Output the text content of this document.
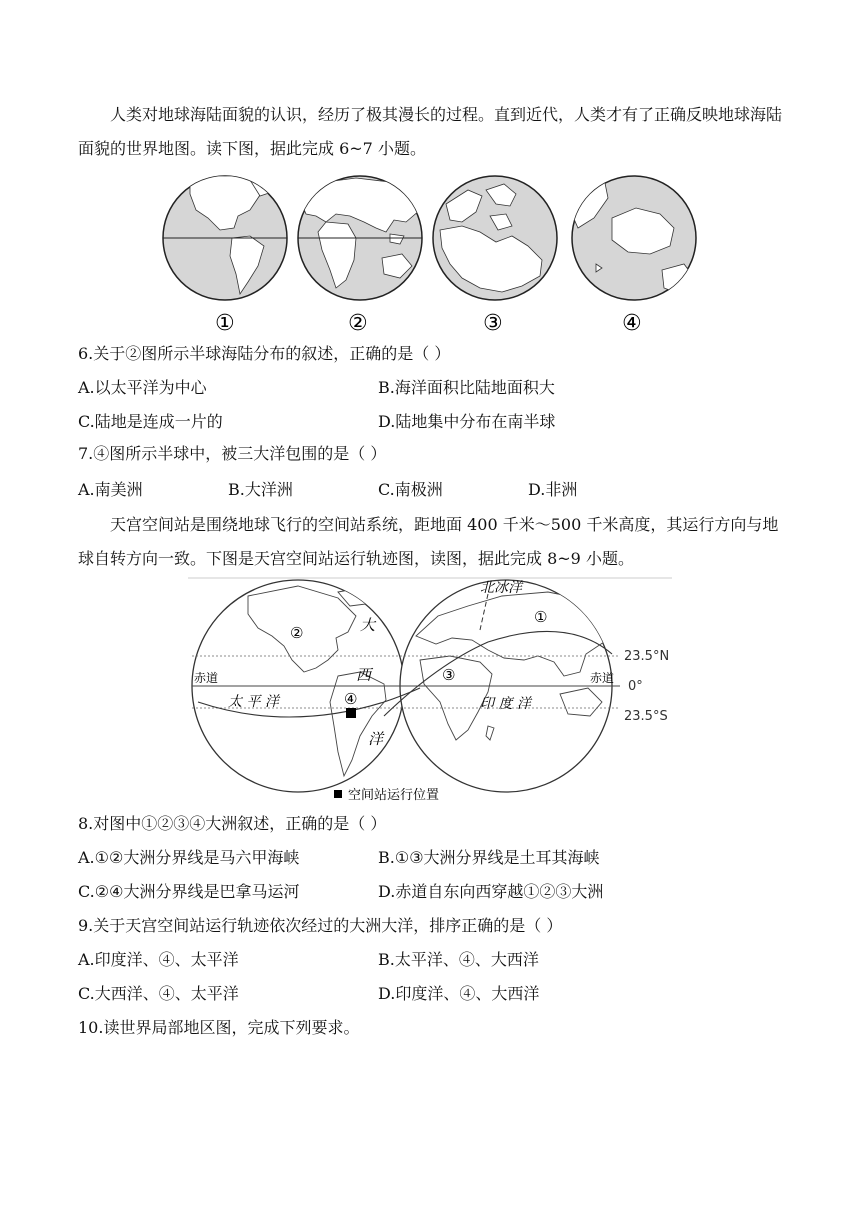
人类对地球海陆面貌的认识，经历了极其漫长的过程。直到近代，人类才有了正确反映地球海陆面貌的世界地图。读下图，据此完成 6~7 小题。

①	②	③	④
6.关于②图所示半球海陆分布的叙述，正确的是（ ）
A.以太平洋为中心	B.海洋面积比陆地面积大
C.陆地是连成一片的	D.陆地集中分布在南半球
7.④图所示半球中，被三大洋包围的是（ ）
A.南美洲	B.大洋洲	C.南极洲	D.非洲

天宫空间站是围绕地球飞行的空间站系统，距地面 400 千米～500 千米高度，其运行方向与地球自转方向一致。下图是天宫空间站运行轨迹图，读图，据此完成 8~9 小题。

北冰洋
大
西
洋
太 平 洋	印 度 洋
赤道	赤道
23.5°N
0°
23.5°S
①
②
③
④
空间站运行位置
8.对图中①②③④大洲叙述，正确的是（ ）
A.①②大洲分界线是马六甲海峡	B.①③大洲分界线是土耳其海峡
C.②④大洲分界线是巴拿马运河	D.赤道自东向西穿越①②③大洲
9.关于天宫空间站运行轨迹依次经过的大洲大洋，排序正确的是（ ）
A.印度洋、④、太平洋	B.太平洋、④、大西洋
C.大西洋、④、太平洋	D.印度洋、④、大西洋
10.读世界局部地区图，完成下列要求。
